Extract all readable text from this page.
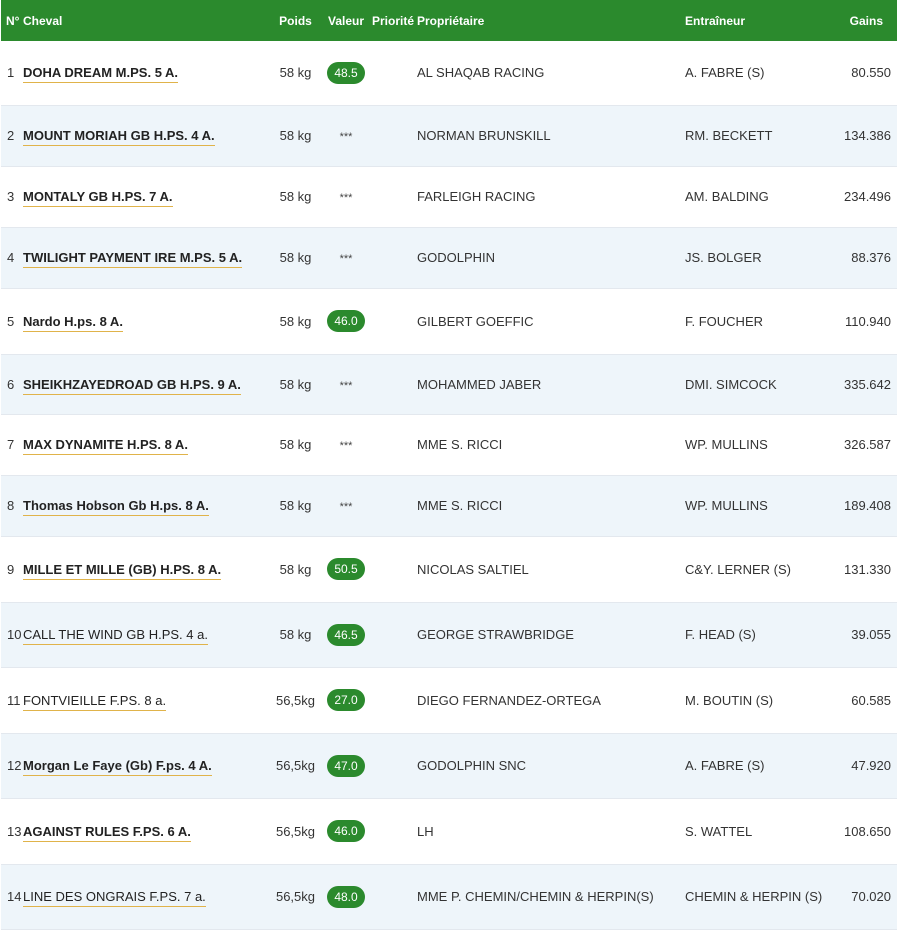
N°	Cheval	Poids	Valeur	Priorité	Propriétaire	Entraîneur	Gains
1	DOHA DREAM M.PS. 5 A.	58 kg	48.5		AL SHAQAB RACING	A. FABRE (S)	80.550
2	MOUNT MORIAH GB H.PS. 4 A.	58 kg	***		NORMAN BRUNSKILL	RM. BECKETT	134.386
3	MONTALY GB H.PS. 7 A.	58 kg	***		FARLEIGH RACING	AM. BALDING	234.496
4	TWILIGHT PAYMENT IRE M.PS. 5 A.	58 kg	***		GODOLPHIN	JS. BOLGER	88.376
5	Nardo H.ps. 8 A.	58 kg	46.0		GILBERT GOEFFIC	F. FOUCHER	110.940
6	SHEIKHZAYEDROAD GB H.PS. 9 A.	58 kg	***		MOHAMMED JABER	DMI. SIMCOCK	335.642
7	MAX DYNAMITE H.PS. 8 A.	58 kg	***		MME S. RICCI	WP. MULLINS	326.587
8	Thomas Hobson Gb H.ps. 8 A.	58 kg	***		MME S. RICCI	WP. MULLINS	189.408
9	MILLE ET MILLE (GB) H.PS. 8 A.	58 kg	50.5		NICOLAS SALTIEL	C&Y. LERNER (S)	131.330
10	CALL THE WIND GB H.PS. 4 a.	58 kg	46.5		GEORGE STRAWBRIDGE	F. HEAD (S)	39.055
11	FONTVIEILLE F.PS. 8 a.	56,5kg	27.0		DIEGO FERNANDEZ-ORTEGA	M. BOUTIN (S)	60.585
12	Morgan Le Faye (Gb) F.ps. 4 A.	56,5kg	47.0		GODOLPHIN SNC	A. FABRE (S)	47.920
13	AGAINST RULES F.PS. 6 A.	56,5kg	46.0		LH	S. WATTEL	108.650
14	LINE DES ONGRAIS F.PS. 7 a.	56,5kg	48.0		MME P. CHEMIN/CHEMIN & HERPIN(S)	CHEMIN & HERPIN (S)	70.020
